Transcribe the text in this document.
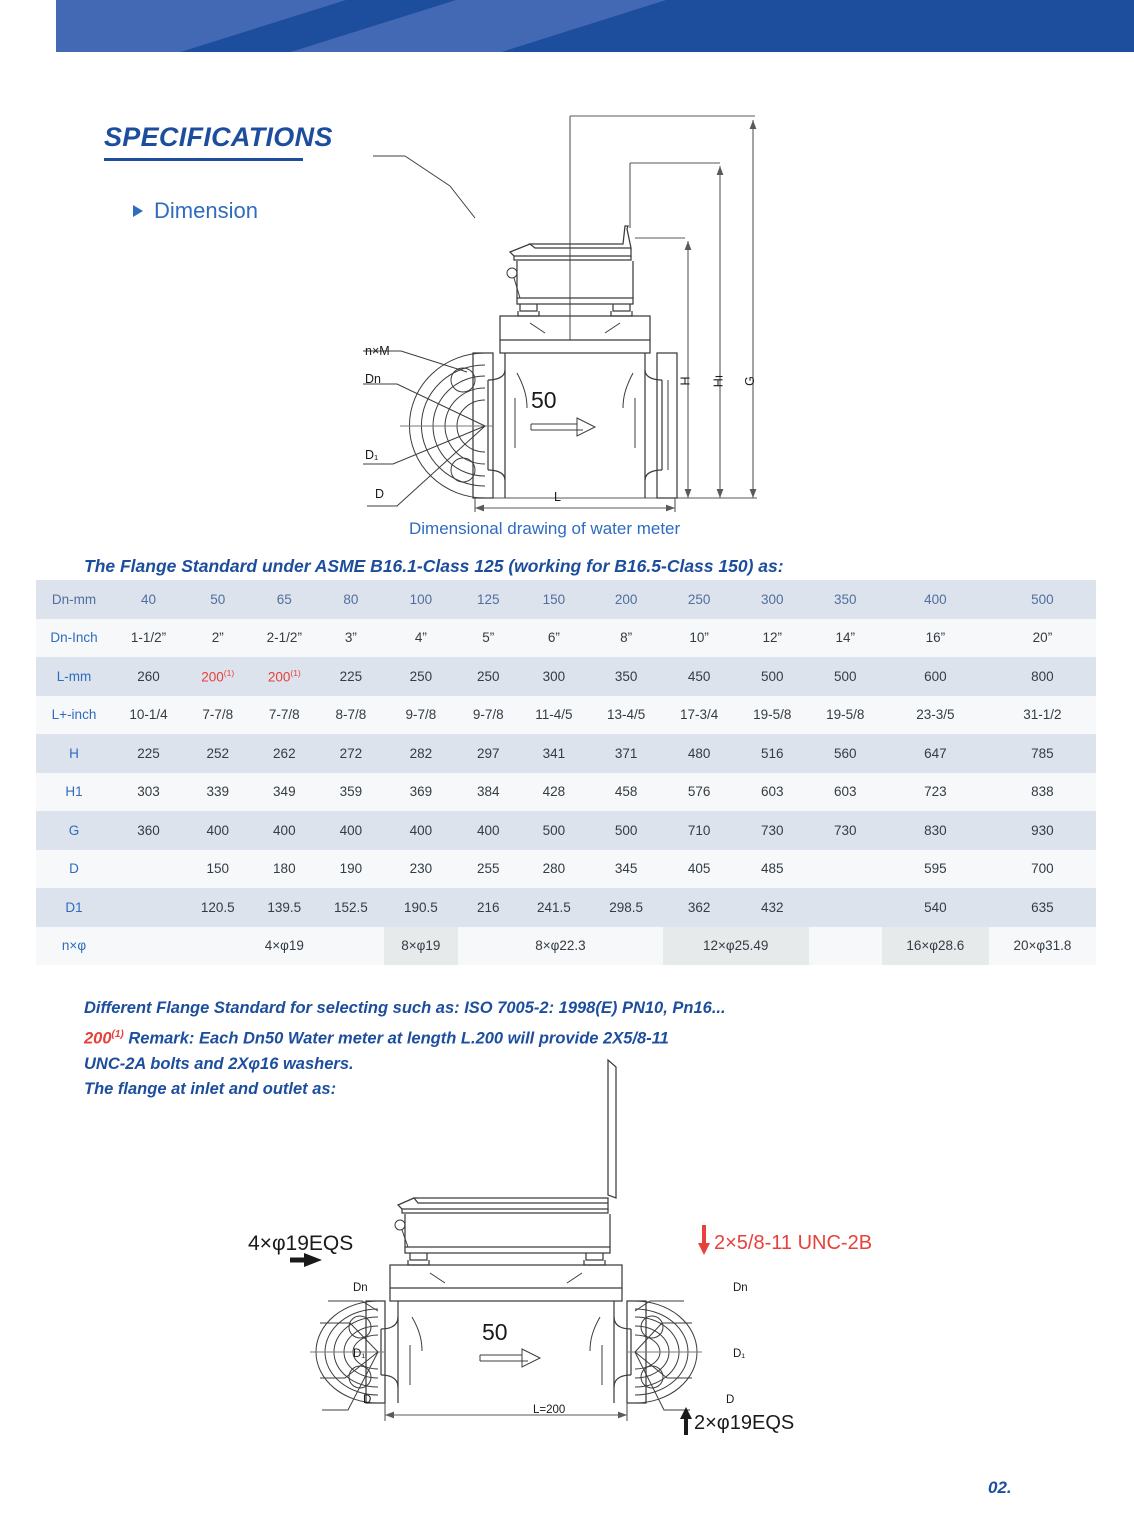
SPECIFICATIONS
Dimension
50
n×M
Dn
D₁
D
H Hı G
L
Dimensional drawing of water meter
The Flange Standard under ASME B16.1-Class 125 (working for B16.5-Class 150) as:
Dn-mm	40	50	65	80	100	125	150	200	250	300	350	400	500
Dn-Inch	1-1/2”	2”	2-1/2”	3”	4”	5”	6”	8”	10”	12”	14”	16”	20”
L-mm	260	200$^{(1)}$	200$^{(1)}$	225	250	250	300	350	450	500	500	600	800
L+-inch	10-1/4	7-7/8	7-7/8	8-7/8	9-7/8	9-7/8	11-4/5	13-4/5	17-3/4	19-5/8	19-5/8	23-3/5	31-1/2
H	225	252	262	272	282	297	341	371	480	516	560	647	785
H1	303	339	349	359	369	384	428	458	576	603	603	723	838
G	360	400	400	400	400	400	500	500	710	730	730	830	930
D		150	180	190	230	255	280	345	405	485		595	700
D1		120.5	139.5	152.5	190.5	216	241.5	298.5	362	432		540	635
n×φ		4×φ19			8×φ19	8×φ22.3			12×φ25.49			16×φ28.6	20×φ31.8
Different Flange Standard for selecting such as: ISO 7005-2: 1998(E) PN10, Pn16...
200$^{(1)}$ Remark: Each Dn50 Water meter at length L.200 will provide 2X5/8-11
UNC-2A bolts and 2Xφ16 washers.
The flange at inlet and outlet as:
50
Dn
D₁
D
Dn
D₁
D
L=200
4×φ19EQS	2×5/8-11 UNC-2B
2×φ19EQS
02.
